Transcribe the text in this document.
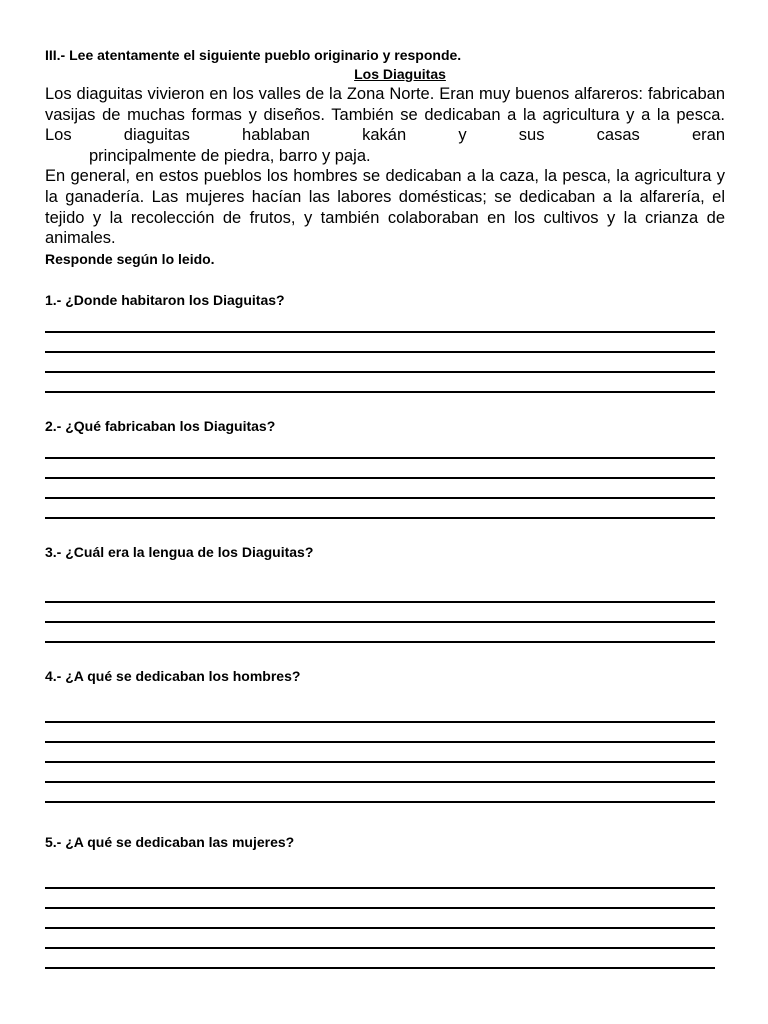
III.- Lee atentamente el siguiente pueblo originario y responde.

Los Diaguitas

Los diaguitas vivieron en los valles de la Zona Norte. Eran muy buenos alfareros: fabricaban vasijas de muchas formas y diseños. También se dedicaban a la agricultura y a la pesca. Los diaguitas hablaban kakán y sus casas eran

principalmente de piedra, barro y paja.

En general, en estos pueblos los hombres se dedicaban a la caza, la pesca, la agricultura y la ganadería. Las mujeres hacían las labores domésticas; se dedicaban a la alfarería, el tejido y la recolección de frutos, y también colaboraban en los cultivos y la crianza de animales.

Responde según lo leido.

1.- ¿Donde habitaron los Diaguitas?

2.- ¿Qué fabricaban los Diaguitas?

3.- ¿Cuál era la lengua de los Diaguitas?

4.- ¿A qué se dedicaban los hombres?

5.- ¿A qué se dedicaban las mujeres?
